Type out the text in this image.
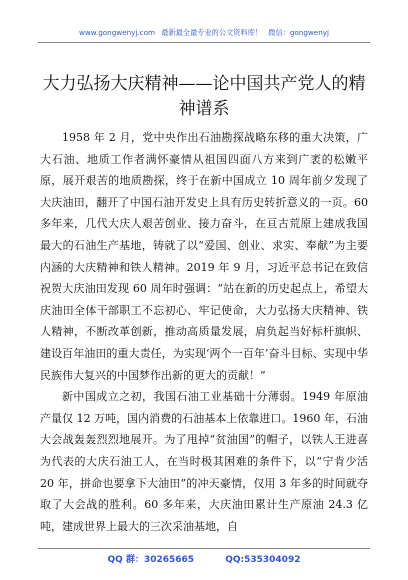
www.gongwenyj.com 最新最全最专业的公文资料库！ 微信：gongwenyj
大力弘扬大庆精神——论中国共产党人的精神谱系

1958 年 2 月，党中央作出石油勘探战略东移的重大决策，广大石油、地质工作者满怀豪情从祖国四面八方来到广袤的松嫩平原，展开艰苦的地质勘探，终于在新中国成立 10 周年前夕发现了大庆油田，翻开了中国石油开发史上具有历史转折意义的一页。60 多年来，几代大庆人艰苦创业、接力奋斗，在亘古荒原上建成我国最大的石油生产基地，铸就了以“爱国、创业、求实、奉献”为主要内涵的大庆精神和铁人精神。2019 年 9 月，习近平总书记在致信祝贺大庆油田发现 60 周年时强调：“站在新的历史起点上，希望大庆油田全体干部职工不忘初心、牢记使命，大力弘扬大庆精神、铁人精神，不断改革创新，推动高质量发展，肩负起当好标杆旗帜、建设百年油田的重大责任，为实现‘两个一百年’奋斗目标、实现中华民族伟大复兴的中国梦作出新的更大的贡献！”

新中国成立之初，我国石油工业基础十分薄弱。1949 年原油产量仅 12 万吨，国内消费的石油基本上依靠进口。1960 年，石油大会战轰轰烈烈地展开。为了甩掉“贫油国”的帽子，以铁人王进喜为代表的大庆石油工人，在当时极其困难的条件下，以“宁肯少活 20 年，拼命也要拿下大油田”的冲天豪情，仅用 3 年多的时间就夺取了大会战的胜利。60 多年来，大庆油田累计生产原油 24.3 亿吨，建成世界上最大的三次采油基地，自

QQ 群：30265665	QQ:535304092
